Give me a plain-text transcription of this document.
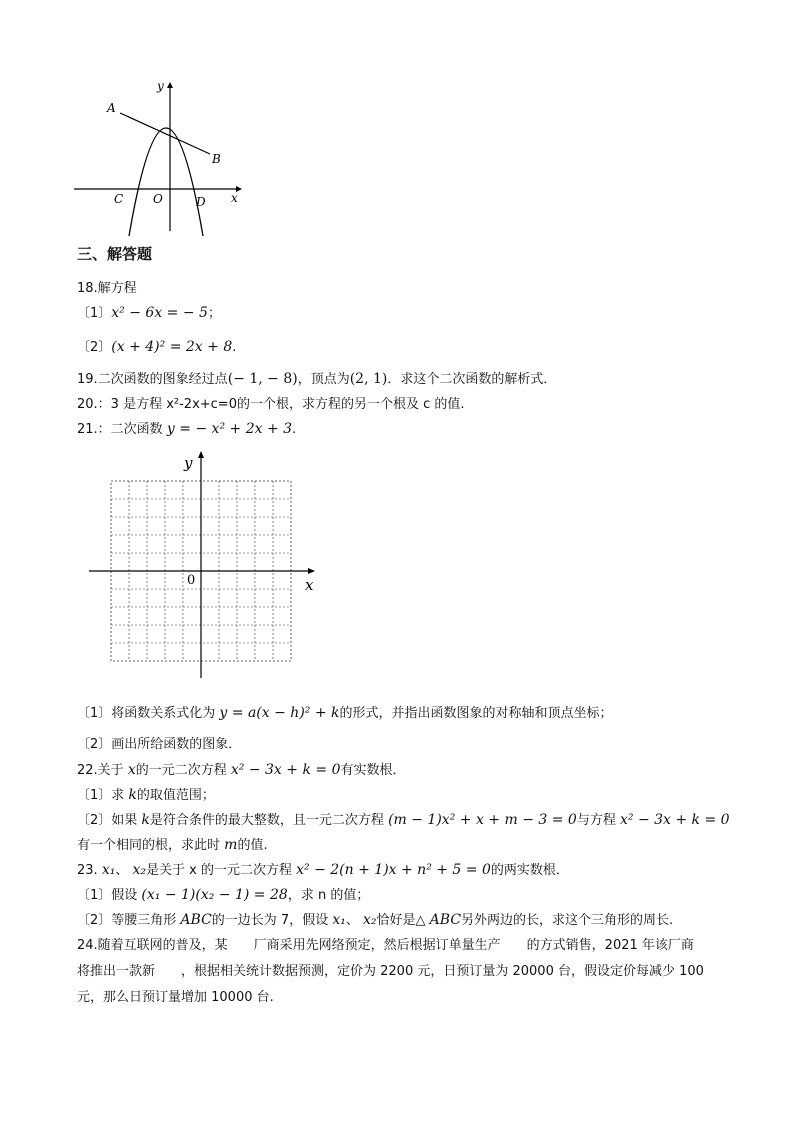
y
A
B
C O	D x
三、解答题
18.解方程
〔1〕x² − 6x = − 5；
〔2〕(x + 4)² = 2x + 8.
19.二次函数的图象经过点(− 1, − 8)，顶点为(2, 1)．求这个二次函数的解析式．
20.：3 是方程 x²-2x+c=0的一个根，求方程的另一个根及 c 的值.
21.：二次函数 y = − x² + 2x + 3.
y
x
0
〔1〕将函数关系式化为 y = a(x − h)² + k的形式，并指出函数图象的对称轴和顶点坐标；
〔2〕画出所给函数的图象．
22.关于 x的一元二次方程 x² − 3x + k = 0有实数根．
〔1〕求 k的取值范围；
〔2〕如果 k是符合条件的最大整数，且一元二次方程 (m − 1)x² + x + m − 3 = 0与方程 x² − 3x + k = 0
有一个相同的根，求此时 m的值.
23. x₁、 x₂是关于 x 的一元二次方程 x² − 2(n + 1)x + n² + 5 = 0的两实数根．
〔1〕假设 (x₁ − 1)(x₂ − 1) = 28，求 n 的值；
〔2〕等腰三角形 ABC的一边长为 7，假设 x₁、 x₂恰好是△ ABC另外两边的长，求这个三角形的周长.
24.随着互联网的普及，某　　厂商采用先网络预定，然后根据订单量生产　　的方式销售，2021 年该厂商
将推出一款新　　，根据相关统计数据预测，定价为 2200 元，日预订量为 20000 台，假设定价每减少 100
元，那么日预订量增加 10000 台.
